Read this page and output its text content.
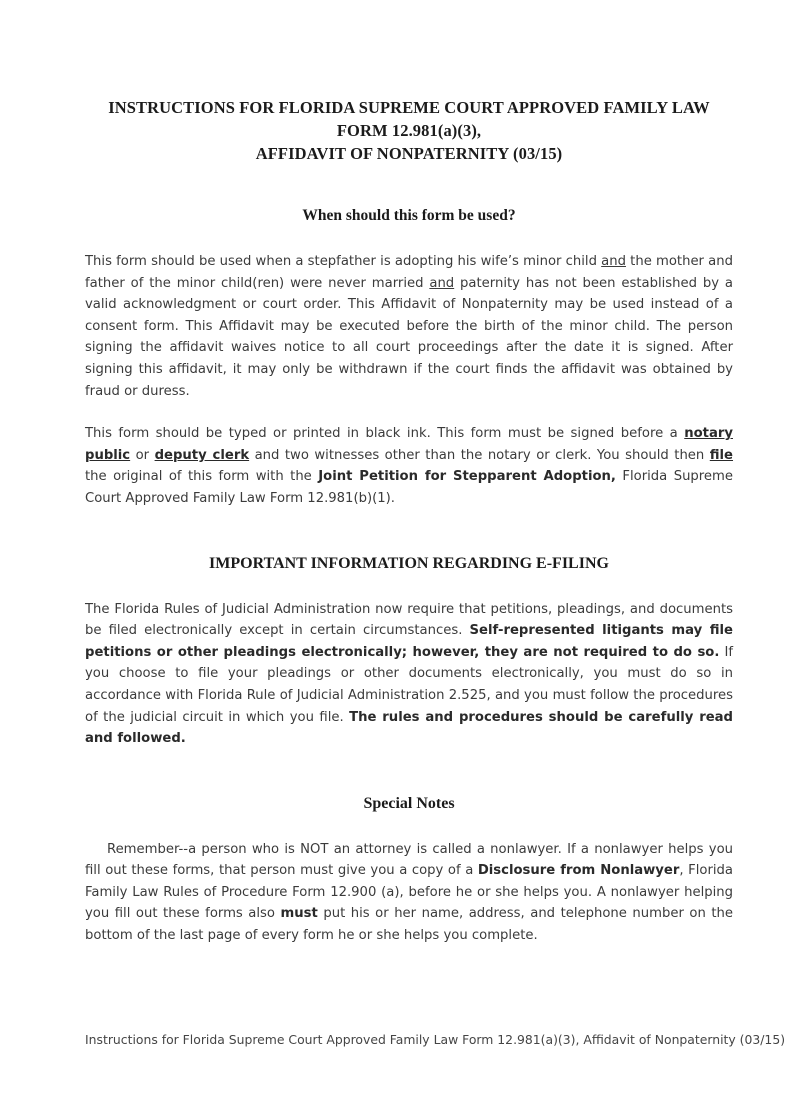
INSTRUCTIONS FOR FLORIDA SUPREME COURT APPROVED FAMILY LAW
FORM 12.981(a)(3),
AFFIDAVIT OF NONPATERNITY (03/15)
When should this form be used?

This form should be used when a stepfather is adopting his wife’s minor child and the mother and father of the minor child(ren) were never married and paternity has not been established by a valid acknowledgment or court order. This Affidavit of Nonpaternity may be used instead of a consent form. This Affidavit may be executed before the birth of the minor child. The person signing the affidavit waives notice to all court proceedings after the date it is signed. After signing this affidavit, it may only be withdrawn if the court finds the affidavit was obtained by fraud or duress.

This form should be typed or printed in black ink. This form must be signed before a notary public or deputy clerk and two witnesses other than the notary or clerk. You should then file the original of this form with the Joint Petition for Stepparent Adoption, Florida Supreme Court Approved Family Law Form 12.981(b)(1).

IMPORTANT INFORMATION REGARDING E-FILING

The Florida Rules of Judicial Administration now require that petitions, pleadings, and documents be filed electronically except in certain circumstances. Self-represented litigants may file petitions or other pleadings electronically; however, they are not required to do so. If you choose to file your pleadings or other documents electronically, you must do so in accordance with Florida Rule of Judicial Administration 2.525, and you must follow the procedures of the judicial circuit in which you file. The rules and procedures should be carefully read and followed.

Special Notes

Remember--a person who is NOT an attorney is called a nonlawyer. If a nonlawyer helps you fill out these forms, that person must give you a copy of a Disclosure from Nonlawyer, Florida Family Law Rules of Procedure Form 12.900 (a), before he or she helps you. A nonlawyer helping you fill out these forms also must put his or her name, address, and telephone number on the bottom of the last page of every form he or she helps you complete.

Instructions for Florida Supreme Court Approved Family Law Form 12.981(a)(3), Affidavit of Nonpaternity (03/15)
